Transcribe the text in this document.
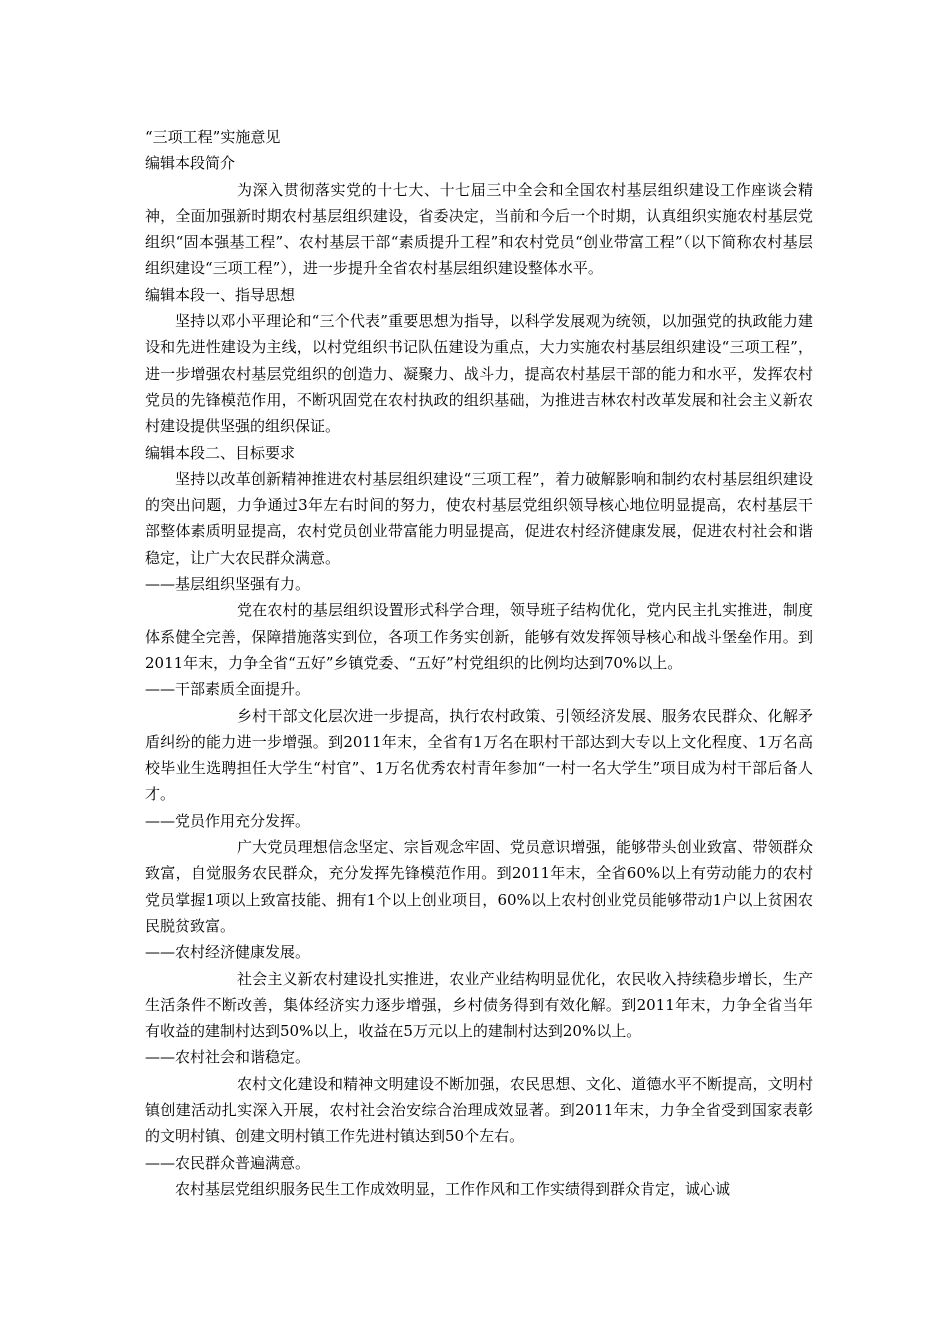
“三项工程”实施意见

编辑本段简介

为深入贯彻落实党的十七大、十七届三中全会和全国农村基层组织建设工作座谈会精神，全面加强新时期农村基层组织建设，省委决定，当前和今后一个时期，认真组织实施农村基层党组织“固本强基工程”、农村基层干部“素质提升工程”和农村党员“创业带富工程”（以下简称农村基层组织建设“三项工程”），进一步提升全省农村基层组织建设整体水平。

编辑本段一、指导思想

坚持以邓小平理论和“三个代表”重要思想为指导，以科学发展观为统领，以加强党的执政能力建设和先进性建设为主线，以村党组织书记队伍建设为重点，大力实施农村基层组织建设“三项工程”，进一步增强农村基层党组织的创造力、凝聚力、战斗力，提高农村基层干部的能力和水平，发挥农村党员的先锋模范作用，不断巩固党在农村执政的组织基础，为推进吉林农村改革发展和社会主义新农村建设提供坚强的组织保证。

编辑本段二、目标要求

坚持以改革创新精神推进农村基层组织建设“三项工程”，着力破解影响和制约农村基层组织建设的突出问题，力争通过3年左右时间的努力，使农村基层党组织领导核心地位明显提高，农村基层干部整体素质明显提高，农村党员创业带富能力明显提高，促进农村经济健康发展，促进农村社会和谐稳定，让广大农民群众满意。

——基层组织坚强有力。

党在农村的基层组织设置形式科学合理，领导班子结构优化，党内民主扎实推进，制度体系健全完善，保障措施落实到位，各项工作务实创新，能够有效发挥领导核心和战斗堡垒作用。到2011年末，力争全省“五好”乡镇党委、“五好”村党组织的比例均达到70%以上。

——干部素质全面提升。

乡村干部文化层次进一步提高，执行农村政策、引领经济发展、服务农民群众、化解矛盾纠纷的能力进一步增强。到2011年末，全省有1万名在职村干部达到大专以上文化程度、1万名高校毕业生选聘担任大学生“村官”、1万名优秀农村青年参加“一村一名大学生”项目成为村干部后备人才。

——党员作用充分发挥。

广大党员理想信念坚定、宗旨观念牢固、党员意识增强，能够带头创业致富、带领群众致富，自觉服务农民群众，充分发挥先锋模范作用。到2011年末，全省60%以上有劳动能力的农村党员掌握1项以上致富技能、拥有1个以上创业项目，60%以上农村创业党员能够带动1户以上贫困农民脱贫致富。

——农村经济健康发展。

社会主义新农村建设扎实推进，农业产业结构明显优化，农民收入持续稳步增长，生产生活条件不断改善，集体经济实力逐步增强，乡村债务得到有效化解。到2011年末，力争全省当年有收益的建制村达到50%以上，收益在5万元以上的建制村达到20%以上。

——农村社会和谐稳定。

农村文化建设和精神文明建设不断加强，农民思想、文化、道德水平不断提高，文明村镇创建活动扎实深入开展，农村社会治安综合治理成效显著。到2011年末，力争全省受到国家表彰的文明村镇、创建文明村镇工作先进村镇达到50个左右。

——农民群众普遍满意。

农村基层党组织服务民生工作成效明显，工作作风和工作实绩得到群众肯定，诚心诚
